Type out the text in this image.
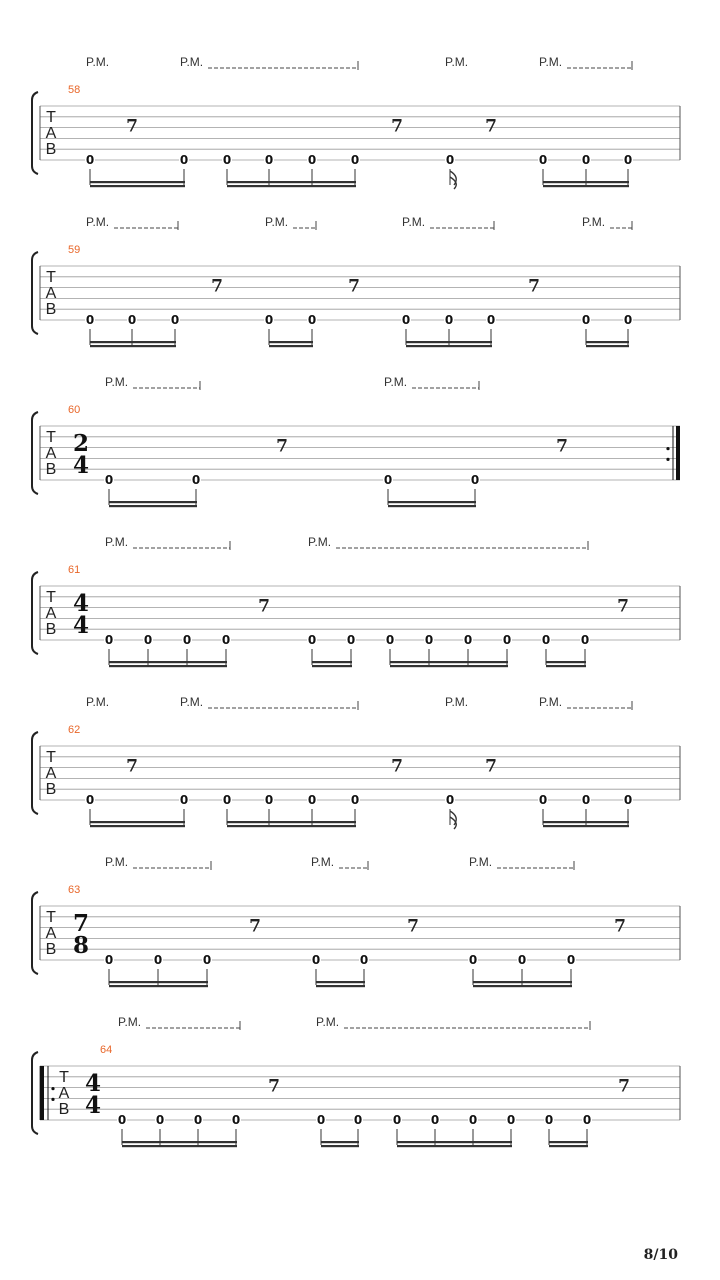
P.M.	P.M.	P.M.	P.M.
58
T
A
B
7	7	7
0	0	0	0	0	0	0	0	0	0
P.M.	P.M.	P.M.	P.M.
59
T
A
B
7	7	7
0	0	0	0	0	0	0	0	0	0
P.M.	P.M.
60
T
A
B
2
4
7	7
0	0	0	0
P.M.	P.M.
61
T
A
B
4
4
7	7
0	0	0	0	0	0	0	0	0	0	0	0
P.M.	P.M.	P.M.	P.M.
62
T
A
B
7	7	7
0	0	0	0	0	0	0	0	0	0
P.M.	P.M.	P.M.
63
T
A
B
7
8
7	7	7
0	0	0	0	0	0	0	0
P.M.	P.M.
64
T
A
B
4
4
7	7
0 0 0 0	0 0	0 0 0 0 0 0
8/10
